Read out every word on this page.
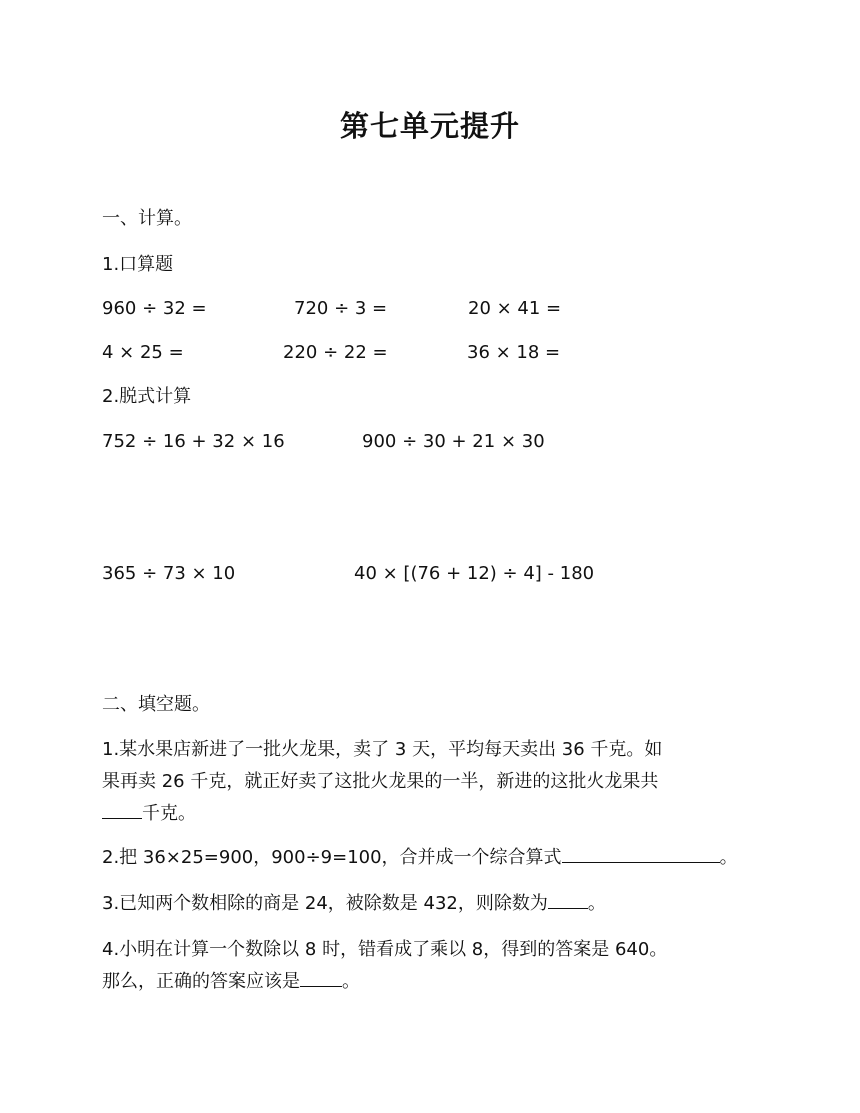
第七单元提升
一、计算。
1.口算题
960 ÷ 32 =	720 ÷ 3 =	20 × 41 =
4 × 25 =	220 ÷ 22 =	36 × 18 =
2.脱式计算
752 ÷ 16 + 32 × 16	900 ÷ 30 + 21 × 30
365 ÷ 73 × 10	40 × [(76 + 12) ÷ 4] - 180
二、填空题。
1.某水果店新进了一批火龙果，卖了 3 天，平均每天卖出 36 千克。如
果再卖 26 千克，就正好卖了这批火龙果的一半，新进的这批火龙果共
千克。
2.把 36×25=900，900÷9=100，合并成一个综合算式	。
3.已知两个数相除的商是 24，被除数是 432，则除数为 。
4.小明在计算一个数除以 8 时，错看成了乘以 8，得到的答案是 640。
那么，正确的答案应该是 。
